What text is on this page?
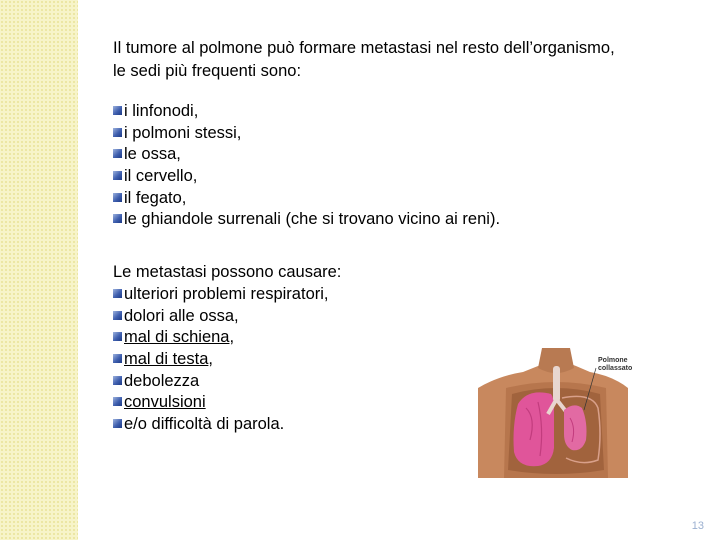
Il tumore al polmone può formare metastasi nel resto dell’organismo,
le sedi più frequenti sono:
i linfonodi,
i polmoni stessi,
le ossa,
il cervello,
il fegato,
le ghiandole surrenali (che si trovano vicino ai reni).
Le metastasi possono causare:
ulteriori problemi respiratori,
dolori alle ossa,
mal di schiena,
mal di testa,
debolezza
convulsioni
e/o difficoltà di parola.
Polmone
collassato
13
